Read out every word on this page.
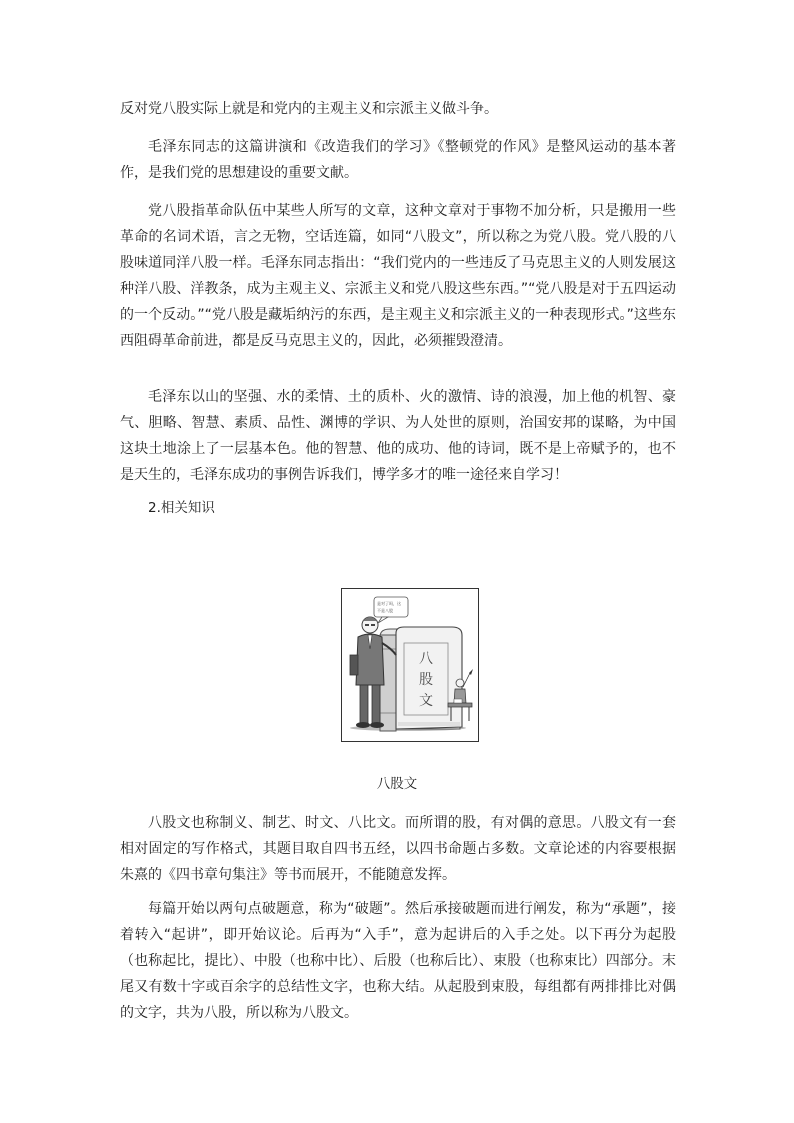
反对党八股实际上就是和党内的主观主义和宗派主义做斗争。

毛泽东同志的这篇讲演和《改造我们的学习》《整顿党的作风》是整风运动的基本著作，是我们党的思想建设的重要文献。

党八股指革命队伍中某些人所写的文章，这种文章对于事物不加分析，只是搬用一些革命的名词术语，言之无物，空话连篇，如同“八股文”，所以称之为党八股。党八股的八股味道同洋八股一样。毛泽东同志指出：“我们党内的一些违反了马克思主义的人则发展这种洋八股、洋教条，成为主观主义、宗派主义和党八股这些东西。”“党八股是对于五四运动的一个反动。”“党八股是藏垢纳污的东西，是主观主义和宗派主义的一种表现形式。”这些东西阻碍革命前进，都是反马克思主义的，因此，必须摧毁澄清。

毛泽东以山的坚强、水的柔情、土的质朴、火的激情、诗的浪漫，加上他的机智、豪气、胆略、智慧、素质、品性、渊博的学识、为人处世的原则，治国安邦的谋略，为中国这块土地涂上了一层基本色。他的智慧、他的成功、他的诗词，既不是上帝赋予的，也不是天生的，毛泽东成功的事例告诉我们，博学多才的唯一途径来自学习！

2.相关知识
八
股
文
是对了吗，这
不是八股
八股文

八股文也称制义、制艺、时文、八比文。而所谓的股，有对偶的意思。八股文有一套相对固定的写作格式，其题目取自四书五经，以四书命题占多数。文章论述的内容要根据朱熹的《四书章句集注》等书而展开，不能随意发挥。

每篇开始以两句点破题意，称为“破题”。然后承接破题而进行阐发，称为“承题”，接着转入“起讲”，即开始议论。后再为“入手”，意为起讲后的入手之处。以下再分为起股（也称起比，提比）、中股（也称中比）、后股（也称后比）、束股（也称束比）四部分。末尾又有数十字或百余字的总结性文字，也称大结。从起股到束股，每组都有两排排比对偶的文字，共为八股，所以称为八股文。
